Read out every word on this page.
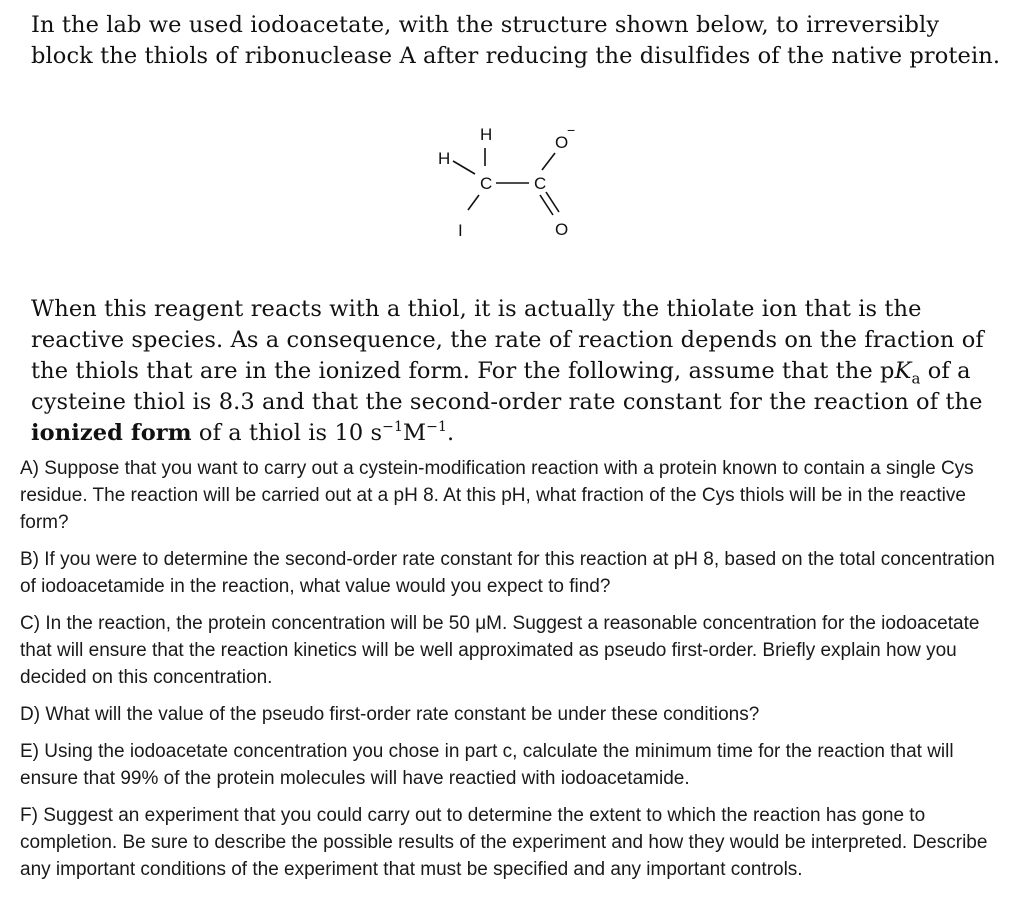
In the lab we used iodoacetate, with the structure shown below, to irreversibly block the thiols of ribonuclease A after reducing the disulfides of the native protein.

H
H
C C
I
O
−
O

When this reagent reacts with a thiol, it is actually the thiolate ion that is the reactive species. As a consequence, the rate of reaction depends on the fraction of the thiols that are in the ionized form. For the following, assume that the $pK_a$ of a cysteine thiol is 8.3 and that the second-order rate constant for the reaction of the ionized form of a thiol is 10 $s^{-1}M^{-1}$.

A) Suppose that you want to carry out a cystein-modification reaction with a protein known to contain a single Cys residue. The reaction will be carried out at a pH 8. At this pH, what fraction of the Cys thiols will be in the reactive form?

B) If you were to determine the second-order rate constant for this reaction at pH 8, based on the total concentration of iodoacetamide in the reaction, what value would you expect to find?

C) In the reaction, the protein concentration will be 50 μM. Suggest a reasonable concentration for the iodoacetate that will ensure that the reaction kinetics will be well approximated as pseudo first-order. Briefly explain how you decided on this concentration.

D) What will the value of the pseudo first-order rate constant be under these conditions?

E) Using the iodoacetate concentration you chose in part c, calculate the minimum time for the reaction that will ensure that 99% of the protein molecules will have reactied with iodoacetamide.

F) Suggest an experiment that you could carry out to determine the extent to which the reaction has gone to completion. Be sure to describe the possible results of the experiment and how they would be interpreted. Describe any important conditions of the experiment that must be specified and any important controls.
